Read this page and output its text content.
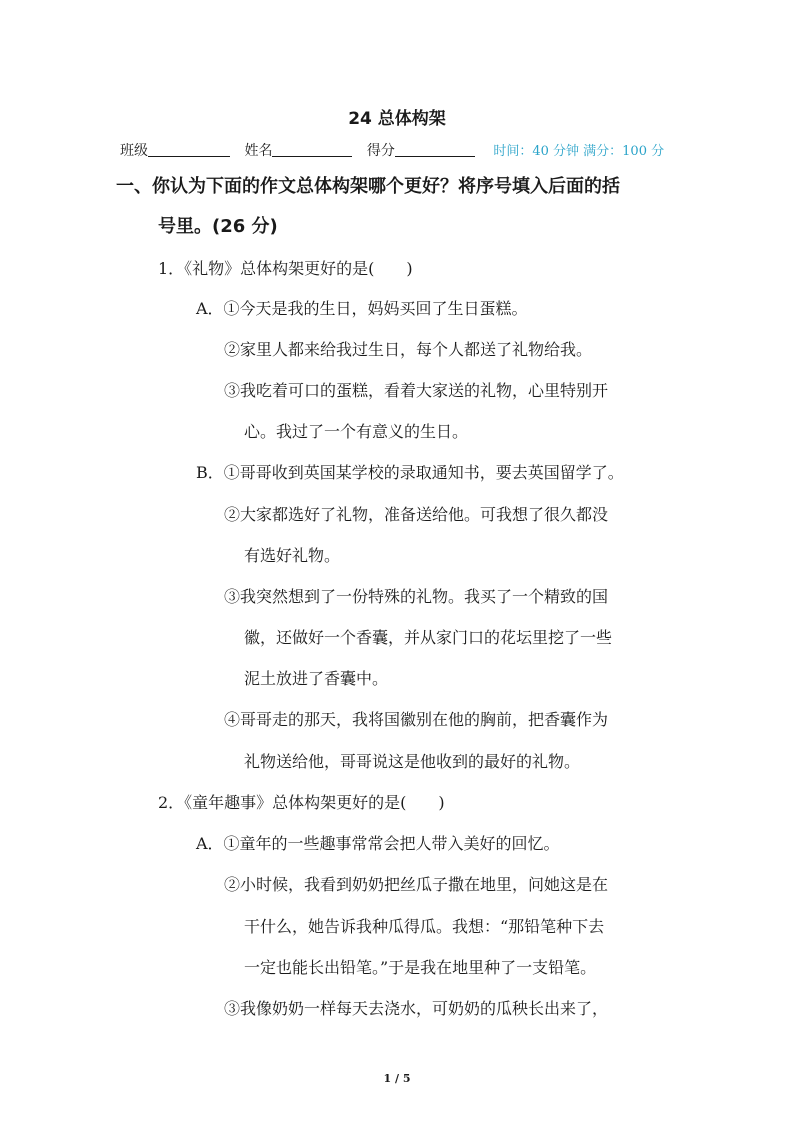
24 总体构架
班级	姓名	得分	时间：40 分钟 满分：100 分
一、你认为下面的作文总体构架哪个更好？将序号填入后面的括
号里。(26 分)
1．《礼物》总体构架更好的是(　　)
A．①今天是我的生日，妈妈买回了生日蛋糕。
②家里人都来给我过生日，每个人都送了礼物给我。
③我吃着可口的蛋糕，看着大家送的礼物，心里特别开
心。我过了一个有意义的生日。
B．①哥哥收到英国某学校的录取通知书，要去英国留学了。
②大家都选好了礼物，准备送给他。可我想了很久都没
有选好礼物。
③我突然想到了一份特殊的礼物。我买了一个精致的国
徽，还做好一个香囊，并从家门口的花坛里挖了一些
泥土放进了香囊中。
④哥哥走的那天，我将国徽别在他的胸前，把香囊作为
礼物送给他，哥哥说这是他收到的最好的礼物。
2．《童年趣事》总体构架更好的是(　　)
A．①童年的一些趣事常常会把人带入美好的回忆。
②小时候，我看到奶奶把丝瓜子撒在地里，问她这是在
干什么，她告诉我种瓜得瓜。我想：“那铅笔种下去
一定也能长出铅笔。”于是我在地里种了一支铅笔。
③我像奶奶一样每天去浇水，可奶奶的瓜秧长出来了，
1 / 5
